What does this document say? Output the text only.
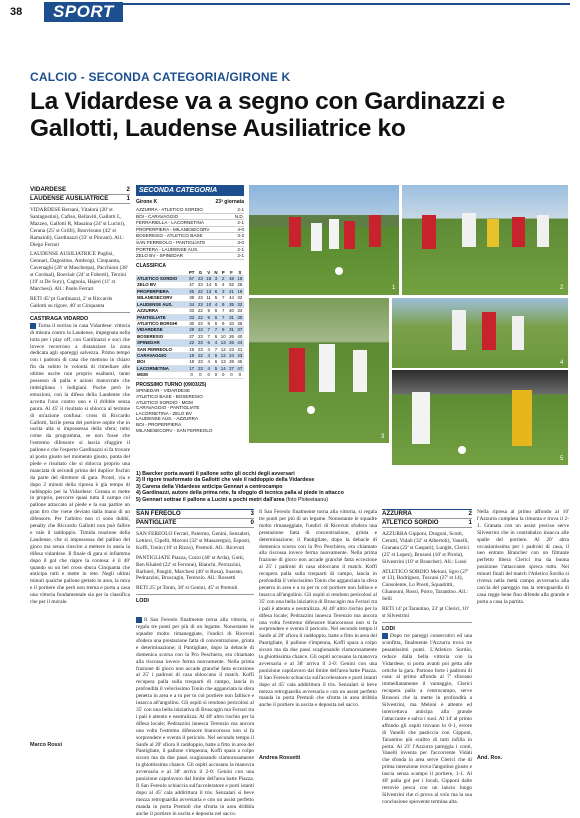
38	SPORT
CALCIO - SECONDA CATEGORIA/GIRONE K
La Vidardese va a segno con Gardinazzi e Gallotti, Laudense Ausiliatrice ko
VIDARDESE	2
LAUDENSE AUSILIATRICE	1
VIDARDESE Bersani, Vitaloni (20' st Santagostini), Cafiso, Bellaviti, Gallotti L, Mazzeo, Gallotti R, Masaina (24' st Lucini), Cerana (25' st Grilli), Bonvissuto (42' st Ramaioli), Gardinazzi (33' st Pincani). All.: Diego Ferrari
LAUDENSE AUSILIATRICE Puglisi, Gennari, Dagostino, Ambrogi, Cinquanta, Cavenaghi (20' st Mascherpa), Pacchioni (38' st Cordual), Boeclair (24' st Foberti), Terzini (19' st De Sury), Cagnola, Hajeri (11' st Marchesi). All.: Paolo Ferrari
RETI 45' pt Gardinazzi, 2' st Riccardo Gallotti su rigore, 40' st Cinquanta
CASTIRAGA VIDARDO
Torna il sorriso in casa Vidardese: vittoria di misura contro la Laudense, impegnata nella lotta per i play off, con Gardinazzi e soci che invece recorrono a distanziare la zona dedicata agli spareggi salvezza. Primo tempo con i padroni di casa che mettono in chiaro fin da subito le volontà di rimediare alle ultime uscite non proprio esaltanti, tanto possesso di palla e azioni manovrate che imbrigliano i lodigiani. Poche però le emozioni, con la difesa della Laudense che accetta l'uno contro uno e il dribble senza paura. Al 45' il risultato si sblocca al termine di un'azione confusa: cross di Riccardo Gallotti, facile presa del portiere ospite che in uscita alta si impossessa della sfera; tutto come da programma, se non fosse che l'estremo difensore si lascia sfuggire il pallone e che l'esperto Gardinazzi si fa trovare al posto giusto nel momento giusto, punta del piede e risultato che si sblocca proprio una manciata di secondi prima del duplice fischio da parte del direttore di gara. Pronti, via e dopo 2 minuti della ripresa è già tempo di raddoppio per la Vidardese: Cerana si mette in proprio, percorre quasi tutta il campo col pallone attaccato al piede e la sua partire un gran tiro che viene deviato dalla mano di un difensore. Per l'arbitro non ci sono dubbi, penalty che Riccardo Gallotti non può fallire e vale il raddoppio. Timida reazione della Laudense, che si impossessa del pallino del gioco ma senza riuscire a mettere in ansia la difesa vidardese. Il finale di gara si infiamma dopo il gol che riapre la contesa: è il 40' quando su un bel cross sbuca Cinquanta che anticipa tutti e mette in rete. Negli ultimi minuti qualche pallone gettato in area, la mira e il portiere che però non trema e porta a casa una vittoria fondamentale sia per la classifica che per il morale.
Marco Rossi
SECONDA CATEGORIA
Girone K	23ª giornata
AZZURRA - ATLETICO SORDIO	2-1
BOI - CARAVAGGIO	N.D.
FERRARIELLA - LACORNETINA	2-1
PROPERPIERA - MILANESECORV	4-0
BOSERESIO - ATLETICO BASE	3-2
SAN FERREOLO - PANTIGLIATE	3-0
PORTERA - LAUDENSE AUS.	2-1
ZELO BV - SPINEDAR	2-1
CLASSIFICA
	PT	G	V	N	P	F	S
ATLETICO SORDIO	57	23	18	3	2	48	16
ZELO BV	47	23	14	5	4	52	25
PROPERPIERA	45	22	13	6	3	41	19
MILANESECORV	38	23	11	5	7	44	32
LAUDENSE AUS.	34	23	10	4	9	35	32
AZZURRA	33	22	9	6	7	40	34
PANTIGLIATE	33	22	9	6	7	31	30
ATLETICO BORGHI	30	23	8	6	9	34	36
VIDARDESE	28	23	7	7	9	31	37
BOSERESIO	27	23	7	6	10	26	40
SPINEDAR	22	23	6	4	13	26	44
SAN FERREOLO	19	23	4	7	12	23	41
CARAVAGGIO	18	22	4	6	12	24	43
BOI	18	23	4	6	13	28	45
LACORNETINA	17	23	4	5	14	27	47
MGM	0	0	0	0	0	0	0
PROSSIMO TURNO (09/03/25)
SPINEDAR - VIDARDESE
ATLETICO BASE - BOSERESIO
ATLETICO SORDIO - MGM
CARAVAGGIO - PANTIGLIATE
LACORNETINA - ZELO BV
LAUDENSE AUS. - AZZURRA
BOI - PROPERPIERA
MILANESECORV - SAN FERREOLO
1	2
3
4
5
1) Baecker porta avanti il pallone sotto gli occhi degli avversari
2) Il rigore trasformato da Gallotti che vale il raddoppio della Vidardese
3) Carena della Vidardese anticipa Gennari a centrocampo
4) Gardinazzi, autore della prima rete, fa sfoggio di tecnica palla al piede in attacco
5) Gennari sottrae il pallone a Lucini a pochi metri dall'area (foto Ploteetaanu)
SAN FEREOLO	3
PANTIGLIATE	0
SAN FEREOLO Ferrari, Palermo, Genini, Senzaleri, Lettieri, Cipelli, Moroni (32' st Massaregni), Esposti, Koffi, Tonin (10' st Rizzo), Premoli. All.: Ricevuti
PANTIGLIATE Piazza, Cozzi (40' st Arda), Gotti, Ben Khaled (22' st Ferrone), Bianchi, Perrazzini, Barbieri, Pangiti, Marchesi (40' st Rosa), Suarato, Pedrazzini, Bruscagin, Terenzio. All.: Rossetti
RETI 25' pt Tonin, 38' st Genini, 45' st Premoli
LODI
Il San Fereolo finalmente torna alla vittoria, si regala tre punti per più di un legame. Nonostante le squadre molto rimaneggiate, l'undici di Ricevuti sfodera una prestazione fatta di concentrazione, grinta e determinazione; il Pantigliate, dopo la debacle di domenica scorsa con la Pro Peschiera, era chiamato alla riscossa invece ferma nuovamente. Nella prima frazione di gioco non accade granché fatta eccezione al 25' i padroni di casa sbloccano il match. Koffi recupera palla sulla trequarti di campo, lancia in profondità il velocissimo Tonin che agganciata la sfera penetra in area e a tu per tu col portiere non fallisce e insacca all'angolino. Gli ospiti si rendono pericolosi al 35' con una bella iniziativa di Bruscagin ma Ferrari tra i pali è attento e neutralizza. Al 40' altro rischio per la difesa locale; Pedrazzini innesca Terenzio ma ancora una volta l'estremo difensore biancorosso non si fa sorprendere e sventa il pericolo. Nel secondo tempo il Sanfe al 20' sfiora il raddoppio, batte a fitto in area del Pantigliate, il pallone s'impenna, Koffi spara a colpo sicuro ma da due passi scagionando clamorosamente la ghiottissima chance. Gli ospiti accusano la manovra avversaria e al 38' arriva il 2-0: Genini con una punizione capolavoro dal limite dell'area batte Piazza. Il San Fereolo schiaccia sull'acceleratore e porti istanti dopo al 45' cala addirittura il tris. Senzalari si beve mezza retroguardia avversaria e con un assist perfetto manda in porta Premoli che sfrutta in area dribbla anche il portiere in uscita e deposita nel sacco.
Il San Fereolo finalmente torna alla vittoria, si regala tre punti per più di un legame. Nonostante le squadre molto rimaneggiate, l'undici di Ricevuti sfodera una prestazione fatta di concentrazione, grinta e determinazione; il Pantigliate, dopo la debacle di domenica scorsa con la Pro Peschiera, era chiamato alla riscossa invece ferma nuovamente. Nella prima frazione di gioco non accade granché fatta eccezione al 25' i padroni di casa sbloccano il match. Koffi recupera palla sulla trequarti di campo, lancia in profondità il velocissimo Tonin che agganciata la sfera penetra in area e a tu per tu col portiere non fallisce e insacca all'angolino. Gli ospiti si rendono pericolosi al 35' con una bella iniziativa di Bruscagin ma Ferrari tra i pali è attento e neutralizza. Al 40' altro rischio per la difesa locale; Pedrazzini innesca Terenzio ma ancora una volta l'estremo difensore biancorosso non si fa sorprendere e sventa il pericolo. Nel secondo tempo il Sanfe al 20' sfiora il raddoppio, batte a fitto in area del Pantigliate, il pallone s'impenna, Koffi spara a colpo sicuro ma da due passi scagionando clamorosamente la ghiottissima chance. Gli ospiti accusano la manovra avversaria e al 38' arriva il 2-0: Genini con una punizione capolavoro dal limite dell'area batte Piazza. Il San Fereolo schiaccia sull'acceleratore e porti istanti dopo al 45' cala addirittura il tris. Senzalari si beve mezza retroguardia avversaria e con un assist perfetto manda in porta Premoli che sfrutta in area dribbla anche il portiere in uscita e deposita nel sacco.
Andrea Rossetti
AZZURRA	2
ATLETICO SORDIO	1
AZZURRA Gipponi, Dragoni, Scotti, Cerutti, Vidali (32' st Albertoli), Vanelli, Granata (22' st Gaspari), Lunghi, Clerici (25' st Lopez), Brusoni (10' st Pirola), Silvestrini (10' st Brancher). All.: Lussi
ATLETICO SORDIO Meloni, Sgro (27' st 13), Rodriguez, Toscani (27' st 14), Consolente, Lo Presti, Squadritti, Ghanouni, Rossi, Porro, Tarantino. All.: Selli
RETI 14' pt Tarantino, 23' pt Clerici, 10' st Silvestrini
LODI
Dopo tre pareggi consecutivi ed una sconfitta, finalmente l'Azzurra trova tre pesantissimi punti. L'Atletico Sordio, reduce dalla bella vittoria con la Vidardese, si porta avanti poi getta alle ortiche la gara. Partono forte i padroni di casa: al primo affondo al 7' sfiorano immediatamente il vantaggio, Clerici recupera palla a centrocampo, serve Brusoni che la mette in profondità a Silvestrini, ma Meloni è attento ed intercettava anticipa alla grande l'attaccante e salva i suoi. Al 14' al primo affondo gli ospiti trovano lo 0-1, errore di Vanelli che pasticcia con Gipponi, Tarantino più scaltro di tutti infilla in porta. Al 23' l'Azzurra pareggia i conti, Vanelli inventa per l'accorrente Vidali che sfonda in area serve Clerici che di prima intenzione trova l'angolino giusto e lascia senza scampo il portiere, 1-1. Al 40' palla gol per i locali, Gipponi dalle retrovie pesca con un lancio lungo Silvestrini che ci prova al volo ma la sua conclusione spiovente termina alta.
Nella ripresa al primo affondo al 10' l'Azzurra completa la rimonta e trova il 2-1. Granata con un assist preciso serve Silvestrini che in contrabalzo insacca alle spalle del portiere. Al 20' altra occasionissima per i padroni di casa, il neo entrato Brancher con un filtrante perfetto libera Clerici ma da buona posizione l'attaccante spreca tutto. Nei minuti finali del match l'Atletico Sordio si riversa nella metà campo avversaria alla caccia del pareggio ma la retroguardia di casa regge bene fino difende alla grande e porta a casa la partita.
And. Ros.
